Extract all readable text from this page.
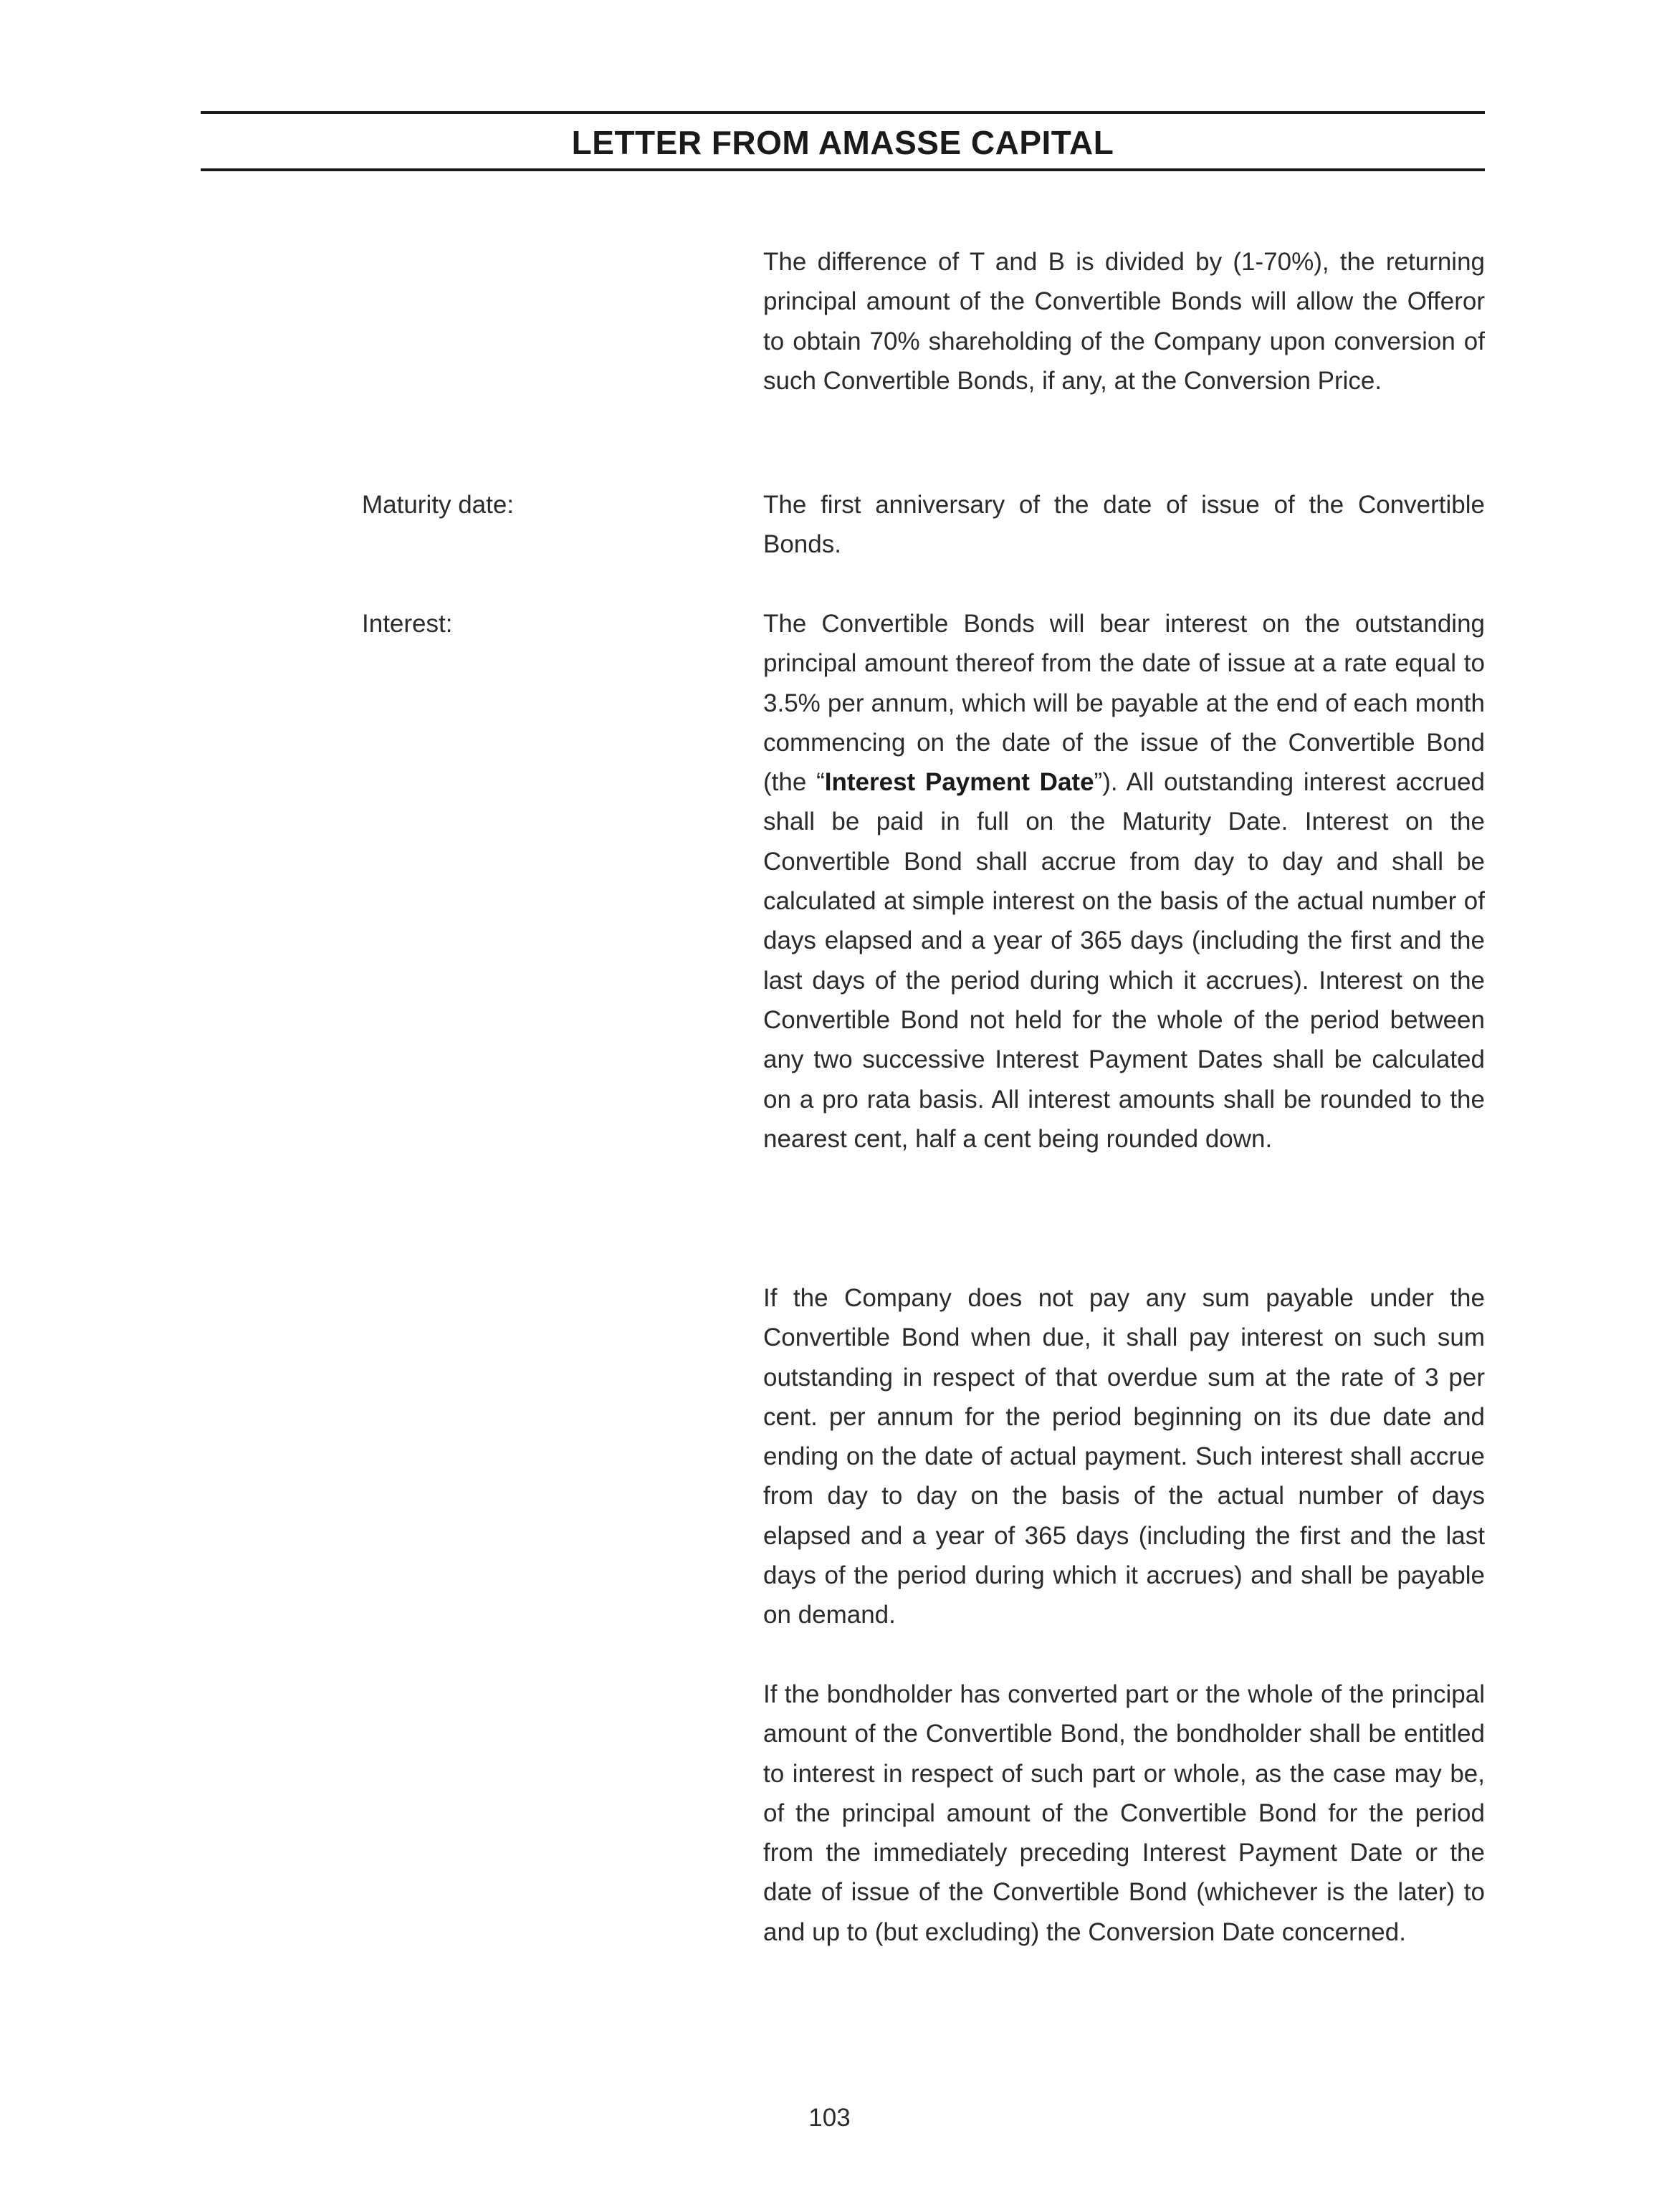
LETTER FROM AMASSE CAPITAL

The difference of T and B is divided by (1-70%), the returning principal amount of the Convertible Bonds will allow the Offeror to obtain 70% shareholding of the Company upon conversion of such Convertible Bonds, if any, at the Conversion Price.

Maturity date:	The first anniversary of the date of issue of the Convertible Bonds.

Interest:	The Convertible Bonds will bear interest on the outstanding principal amount thereof from the date of issue at a rate equal to 3.5% per annum, which will be payable at the end of each month commencing on the date of the issue of the Convertible Bond (the “Interest Payment Date”). All outstanding interest accrued shall be paid in full on the Maturity Date. Interest on the Convertible Bond shall accrue from day to day and shall be calculated at simple interest on the basis of the actual number of days elapsed and a year of 365 days (including the first and the last days of the period during which it accrues). Interest on the Convertible Bond not held for the whole of the period between any two successive Interest Payment Dates shall be calculated on a pro rata basis. All interest amounts shall be rounded to the nearest cent, half a cent being rounded down.

If the Company does not pay any sum payable under the Convertible Bond when due, it shall pay interest on such sum outstanding in respect of that overdue sum at the rate of 3 per cent. per annum for the period beginning on its due date and ending on the date of actual payment. Such interest shall accrue from day to day on the basis of the actual number of days elapsed and a year of 365 days (including the first and the last days of the period during which it accrues) and shall be payable on demand.

If the bondholder has converted part or the whole of the principal amount of the Convertible Bond, the bondholder shall be entitled to interest in respect of such part or whole, as the case may be, of the principal amount of the Convertible Bond for the period from the immediately preceding Interest Payment Date or the date of issue of the Convertible Bond (whichever is the later) to and up to (but excluding) the Conversion Date concerned.

103
